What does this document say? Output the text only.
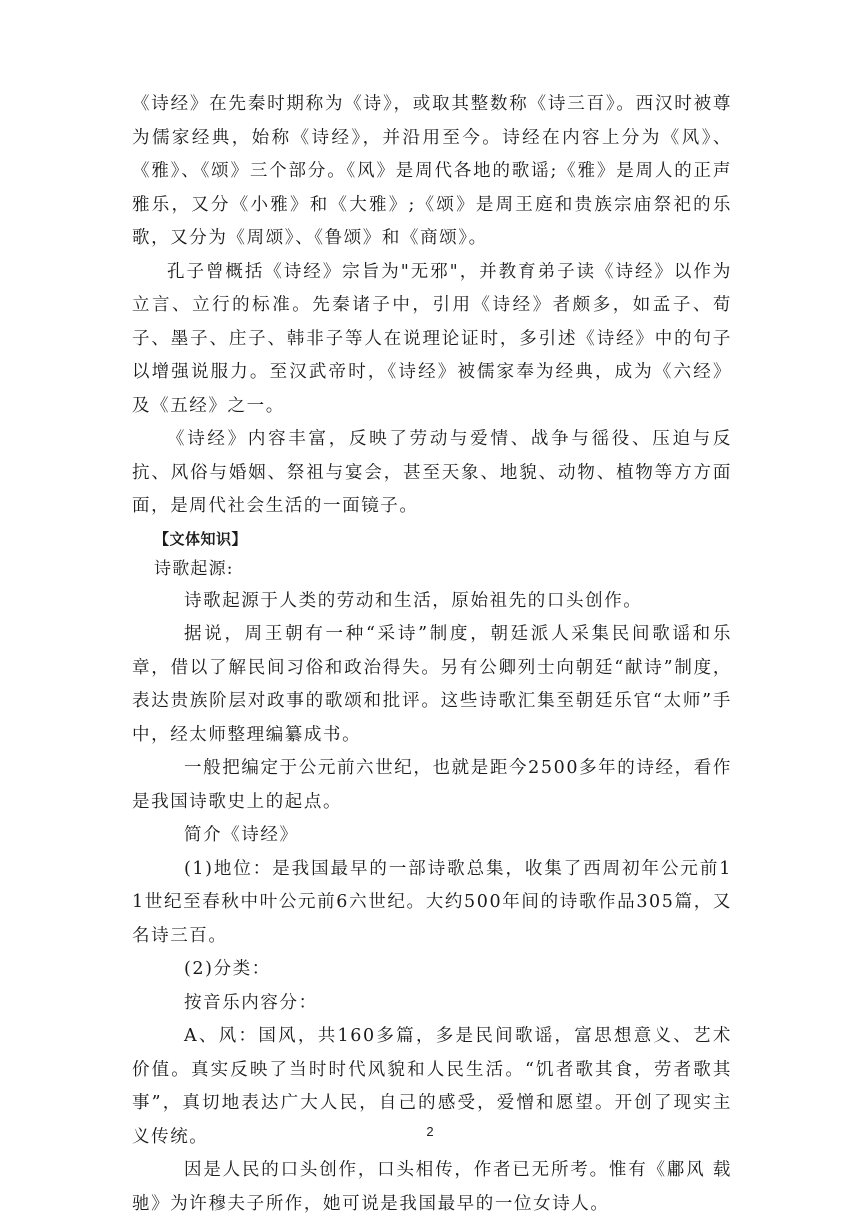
《诗经》在先秦时期称为《诗》，或取其整数称《诗三百》。西汉时被尊为儒家经典，始称《诗经》，并沿用至今。诗经在内容上分为《风》、《雅》、《颂》三个部分。《风》是周代各地的歌谣;《雅》是周人的正声雅乐，又分《小雅》和《大雅》;《颂》是周王庭和贵族宗庙祭祀的乐歌，又分为《周颂》、《鲁颂》和《商颂》。

孔子曾概括《诗经》宗旨为"无邪"，并教育弟子读《诗经》以作为立言、立行的标准。先秦诸子中，引用《诗经》者颇多，如孟子、荀子、墨子、庄子、韩非子等人在说理论证时，多引述《诗经》中的句子以增强说服力。至汉武帝时，《诗经》被儒家奉为经典，成为《六经》及《五经》之一。

《诗经》内容丰富，反映了劳动与爱情、战争与徭役、压迫与反抗、风俗与婚姻、祭祖与宴会，甚至天象、地貌、动物、植物等方方面面，是周代社会生活的一面镜子。

【文体知识】

诗歌起源:

诗歌起源于人类的劳动和生活，原始祖先的口头创作。

据说，周王朝有一种“采诗”制度，朝廷派人采集民间歌谣和乐章，借以了解民间习俗和政治得失。另有公卿列士向朝廷“献诗”制度，表达贵族阶层对政事的歌颂和批评。这些诗歌汇集至朝廷乐官“太师”手中，经太师整理编纂成书。

一般把编定于公元前六世纪，也就是距今2500多年的诗经，看作是我国诗歌史上的起点。

简介《诗经》

(1)地位：是我国最早的一部诗歌总集，收集了西周初年公元前11世纪至春秋中叶公元前6六世纪。大约500年间的诗歌作品305篇，又名诗三百。

(2)分类：

按音乐内容分：

A、风：国风，共160多篇，多是民间歌谣，富思想意义、艺术价值。真实反映了当时时代风貌和人民生活。“饥者歌其食，劳者歌其事”，真切地表达广大人民，自己的感受，爱憎和愿望。开创了现实主义传统。

因是人民的口头创作，口头相传，作者已无所考。惟有《鄘风 载驰》为许穆夫子所作，她可说是我国最早的一位女诗人。

2
